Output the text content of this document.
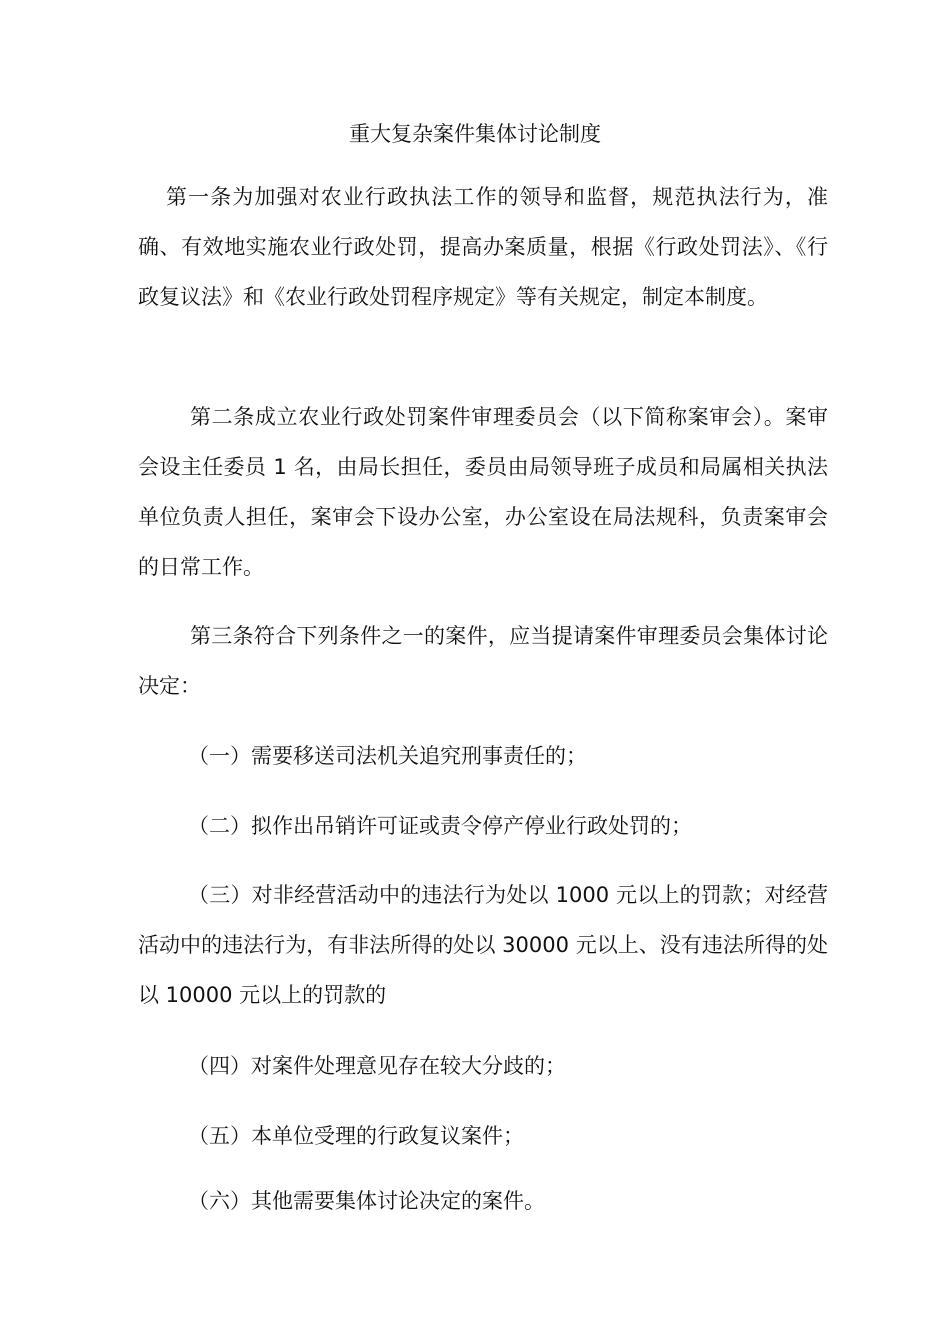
重大复杂案件集体讨论制度

第一条为加强对农业行政执法工作的领导和监督，规范执法行为，准确、有效地实施农业行政处罚，提高办案质量，根据《行政处罚法》、《行政复议法》和《农业行政处罚程序规定》等有关规定，制定本制度。

第二条成立农业行政处罚案件审理委员会（以下简称案审会）。案审会设主任委员 1 名，由局长担任，委员由局领导班子成员和局属相关执法单位负责人担任，案审会下设办公室，办公室设在局法规科，负责案审会的日常工作。

第三条符合下列条件之一的案件，应当提请案件审理委员会集体讨论决定：

（一）需要移送司法机关追究刑事责任的；

（二）拟作出吊销许可证或责令停产停业行政处罚的；

（三）对非经营活动中的违法行为处以 1000 元以上的罚款；对经营活动中的违法行为，有非法所得的处以 30000 元以上、没有违法所得的处以 10000 元以上的罚款的

（四）对案件处理意见存在较大分歧的；

（五）本单位受理的行政复议案件；

（六）其他需要集体讨论决定的案件。
